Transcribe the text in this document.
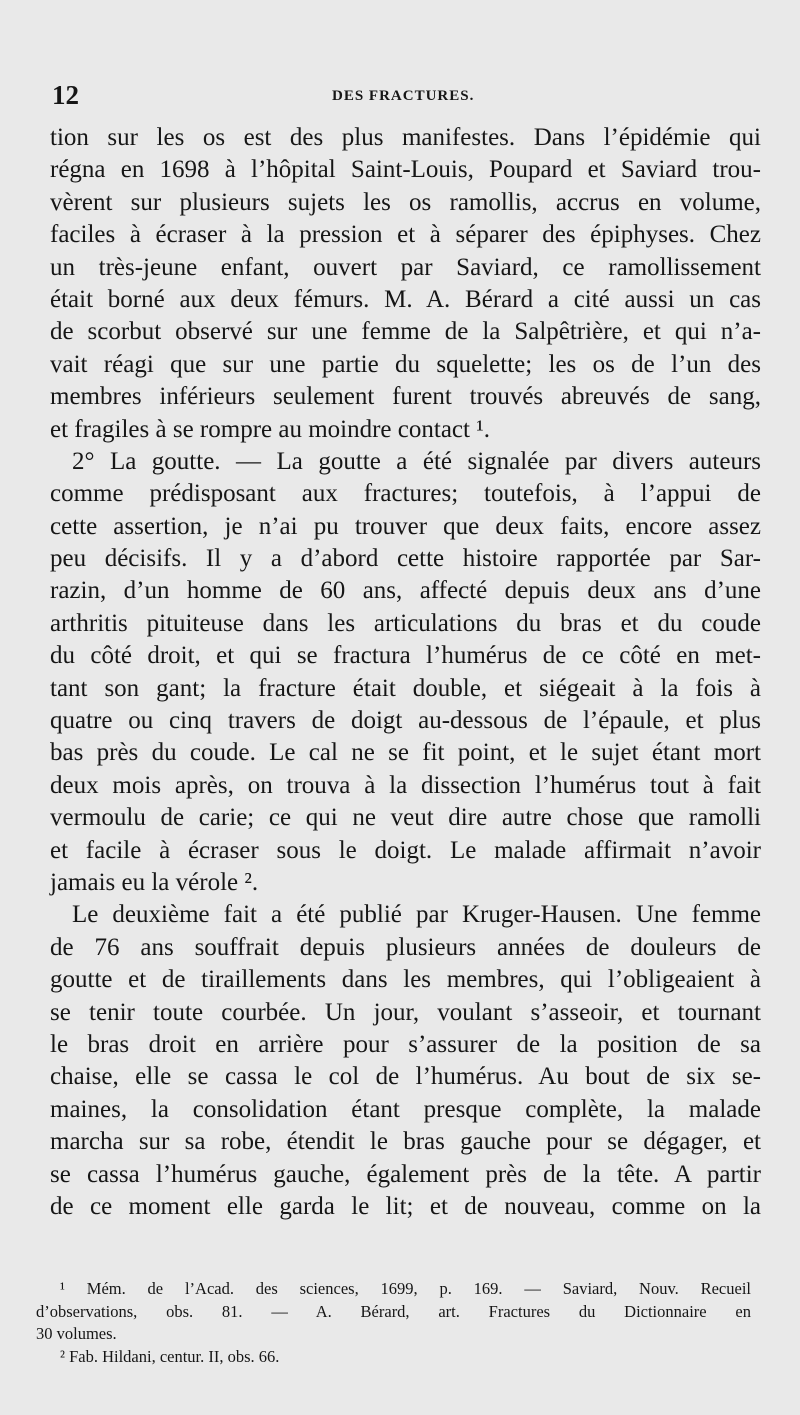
12	DES FRACTURES.
tion sur les os est des plus manifestes. Dans l’épidémie qui
régna en 1698 à l’hôpital Saint-Louis, Poupard et Saviard trou-
vèrent sur plusieurs sujets les os ramollis, accrus en volume,
faciles à écraser à la pression et à séparer des épiphyses. Chez
un très-jeune enfant, ouvert par Saviard, ce ramollissement
était borné aux deux fémurs. M. A. Bérard a cité aussi un cas
de scorbut observé sur une femme de la Salpêtrière, et qui n’a-
vait réagi que sur une partie du squelette; les os de l’un des
membres inférieurs seulement furent trouvés abreuvés de sang,
et fragiles à se rompre au moindre contact ¹.
2° La goutte. — La goutte a été signalée par divers auteurs
comme prédisposant aux fractures; toutefois, à l’appui de
cette assertion, je n’ai pu trouver que deux faits, encore assez
peu décisifs. Il y a d’abord cette histoire rapportée par Sar-
razin, d’un homme de 60 ans, affecté depuis deux ans d’une
arthritis pituiteuse dans les articulations du bras et du coude
du côté droit, et qui se fractura l’humérus de ce côté en met-
tant son gant; la fracture était double, et siégeait à la fois à
quatre ou cinq travers de doigt au-dessous de l’épaule, et plus
bas près du coude. Le cal ne se fit point, et le sujet étant mort
deux mois après, on trouva à la dissection l’humérus tout à fait
vermoulu de carie; ce qui ne veut dire autre chose que ramolli
et facile à écraser sous le doigt. Le malade affirmait n’avoir
jamais eu la vérole ².
Le deuxième fait a été publié par Kruger-Hausen. Une femme
de 76 ans souffrait depuis plusieurs années de douleurs de
goutte et de tiraillements dans les membres, qui l’obligeaient à
se tenir toute courbée. Un jour, voulant s’asseoir, et tournant
le bras droit en arrière pour s’assurer de la position de sa
chaise, elle se cassa le col de l’humérus. Au bout de six se-
maines, la consolidation étant presque complète, la malade
marcha sur sa robe, étendit le bras gauche pour se dégager, et
se cassa l’humérus gauche, également près de la tête. A partir
de ce moment elle garda le lit; et de nouveau, comme on la
¹ Mém. de l’Acad. des sciences, 1699, p. 169. — Saviard, Nouv. Recueil
d’observations, obs. 81. — A. Bérard, art. Fractures du Dictionnaire en
30 volumes.
² Fab. Hildani, centur. II, obs. 66.
